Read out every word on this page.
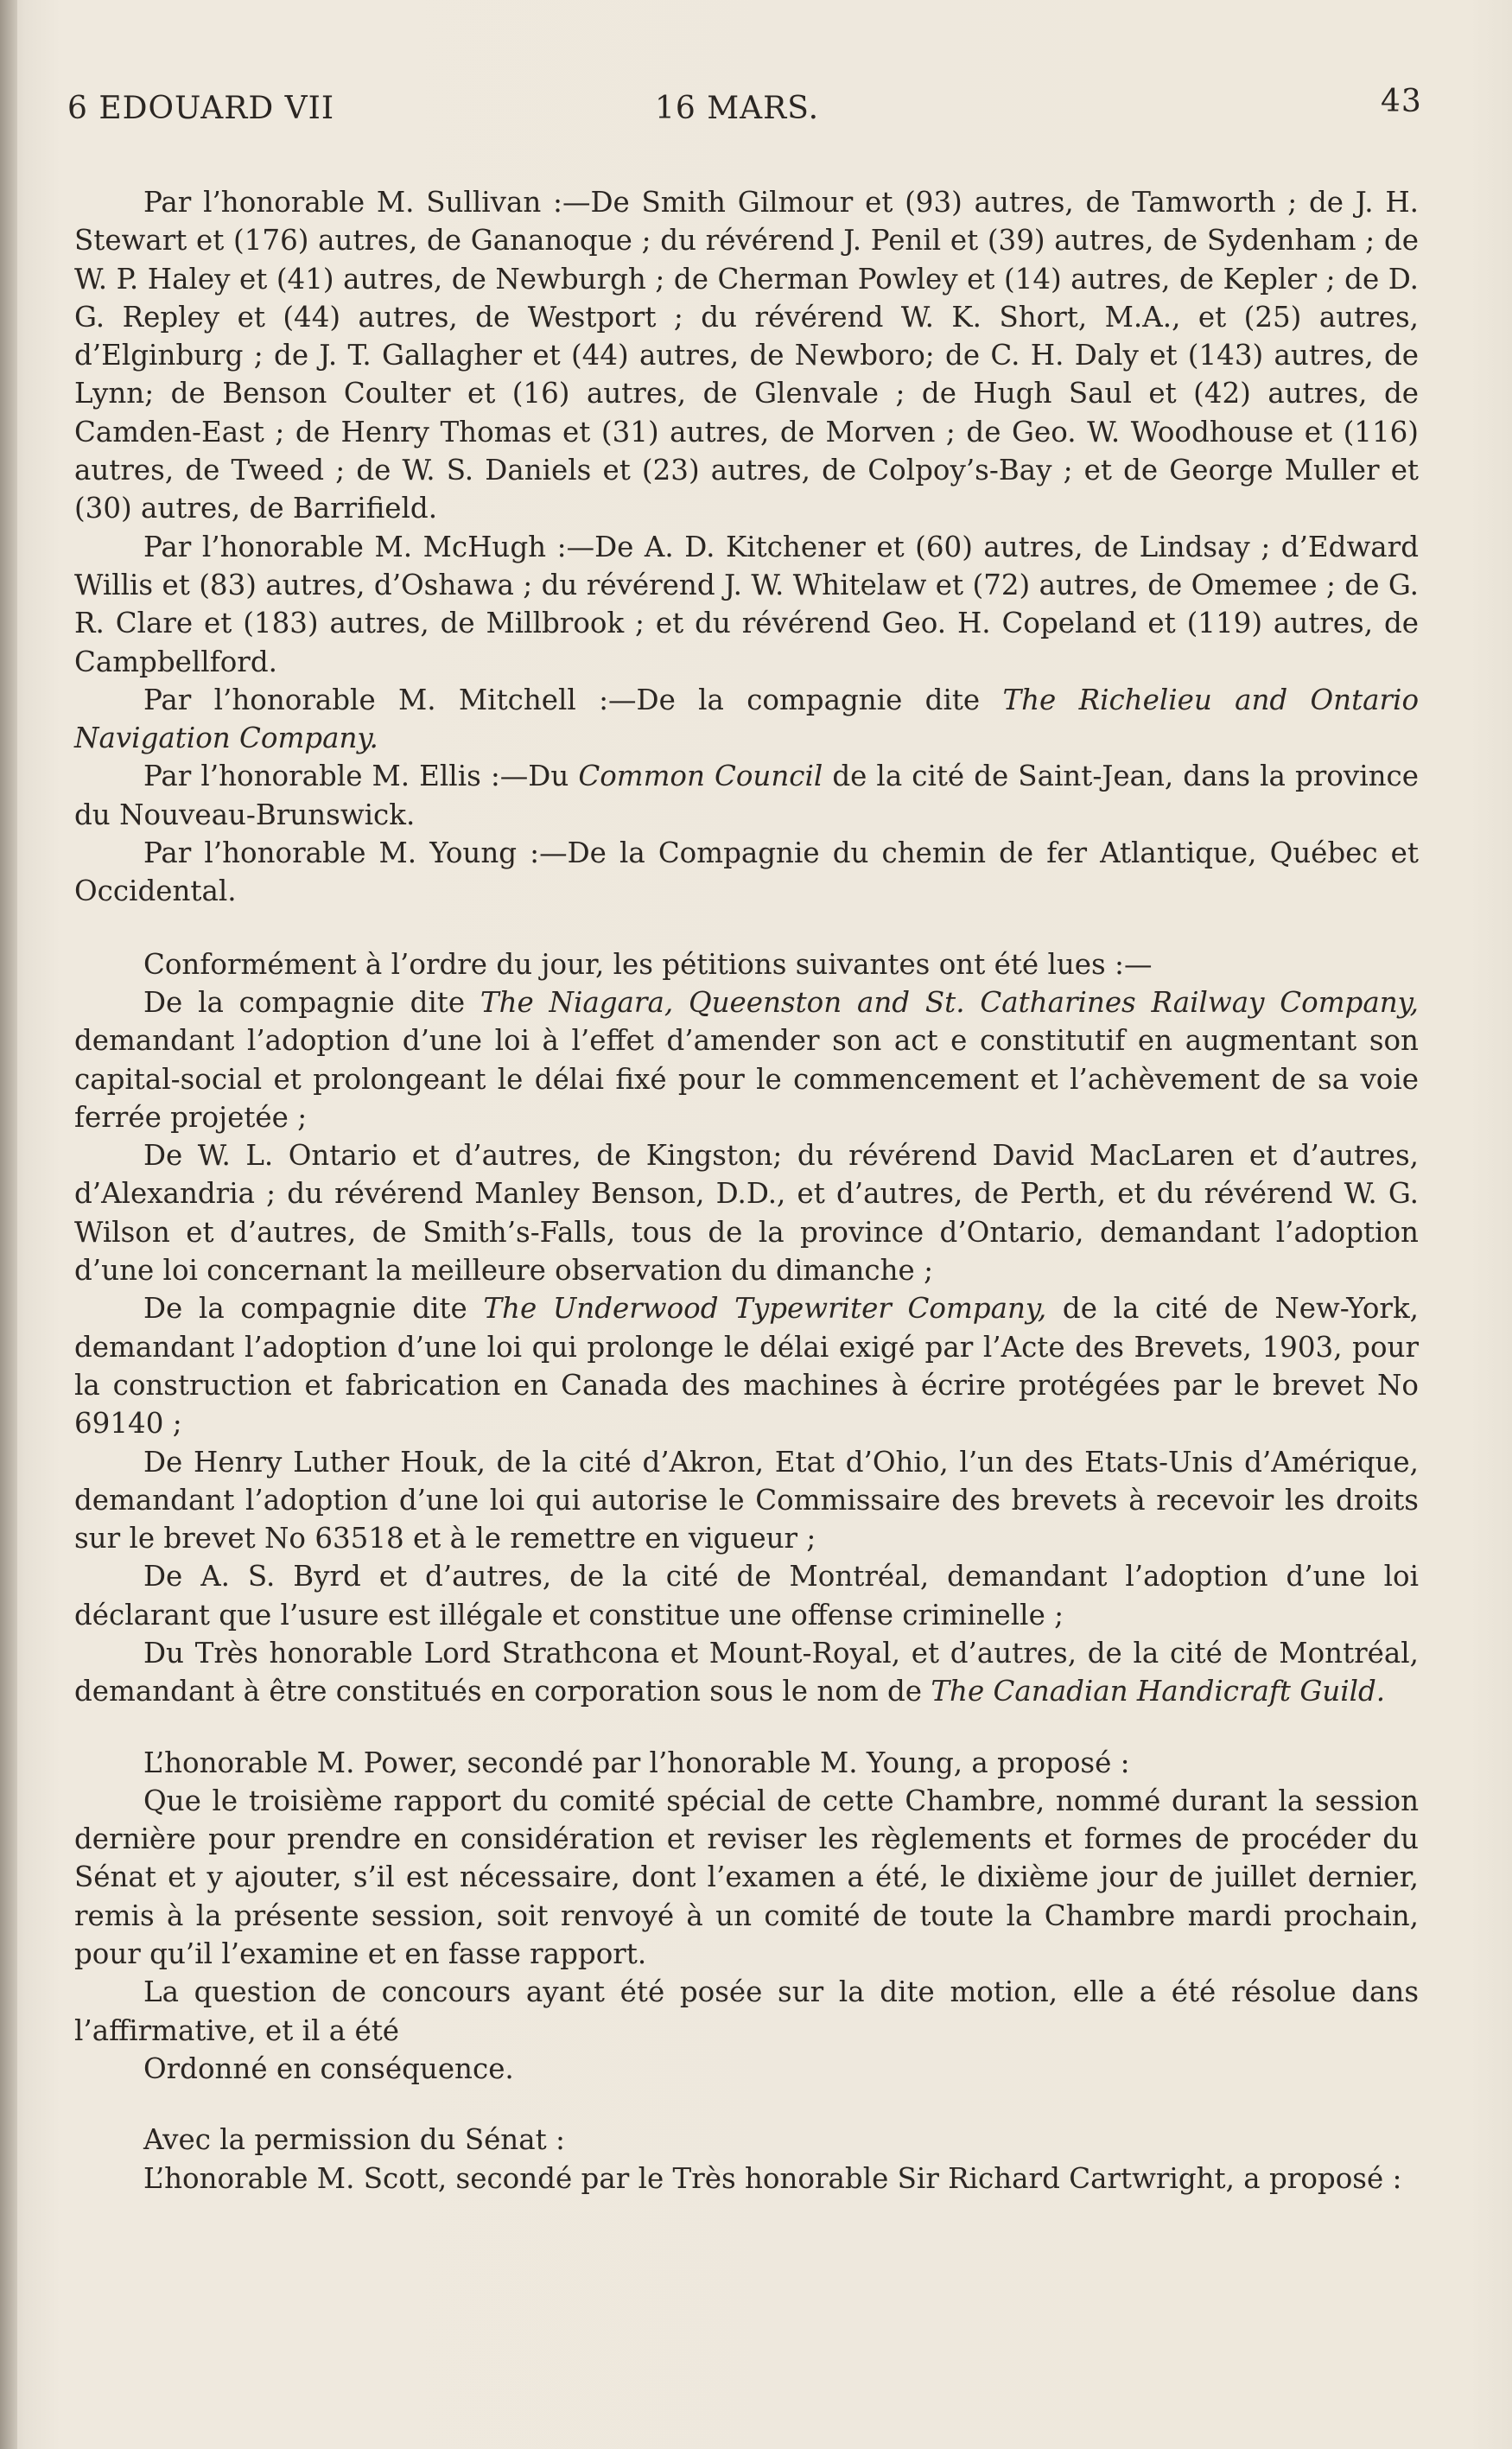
6 EDOUARD VII	16 MARS.	43

Par l’honorable M. Sullivan :—De Smith Gilmour et (93) autres, de Tamworth ; de J. H. Stewart et (176) autres, de Gananoque ; du révérend J. Penil et (39) autres, de Sydenham ; de W. P. Haley et (41) autres, de Newburgh ; de Cherman Powley et (14) autres, de Kepler ; de D. G. Repley et (44) autres, de Westport ; du révérend W. K. Short, M.A., et (25) autres, d’Elginburg ; de J. T. Gallagher et (44) autres, de Newboro; de C. H. Daly et (143) autres, de Lynn; de Benson Coulter et (16) autres, de Glenvale ; de Hugh Saul et (42) autres, de Camden-East ; de Henry Thomas et (31) autres, de Morven ; de Geo. W. Woodhouse et (116) autres, de Tweed ; de W. S. Daniels et (23) autres, de Colpoy’s-Bay ; et de George Muller et (30) autres, de Barrifield.

Par l’honorable M. McHugh :—De A. D. Kitchener et (60) autres, de Lindsay ; d’Edward Willis et (83) autres, d’Oshawa ; du révérend J. W. Whitelaw et (72) autres, de Omemee ; de G. R. Clare et (183) autres, de Millbrook ; et du révérend Geo. H. Copeland et (119) autres, de Campbellford.

Par l’honorable M. Mitchell :—De la compagnie dite The Richelieu and Ontario Navigation Company.

Par l’honorable M. Ellis :—Du Common Council de la cité de Saint-Jean, dans la province du Nouveau-Brunswick.

Par l’honorable M. Young :—De la Compagnie du chemin de fer Atlantique, Québec et Occidental.

Conformément à l’ordre du jour, les pétitions suivantes ont été lues :—

De la compagnie dite The Niagara, Queenston and St. Catharines Railway Company, demandant l’adoption d’une loi à l’effet d’amender son act e constitutif en augmentant son capital-social et prolongeant le délai fixé pour le commencement et l’achèvement de sa voie ferrée projetée ;

De W. L. Ontario et d’autres, de Kingston; du révérend David MacLaren et d’autres, d’Alexandria ; du révérend Manley Benson, D.D., et d’autres, de Perth, et du révérend W. G. Wilson et d’autres, de Smith’s-Falls, tous de la province d’Ontario, demandant l’adoption d’une loi concernant la meilleure observation du dimanche ;

De la compagnie dite The Underwood Typewriter Company, de la cité de New-York, demandant l’adoption d’une loi qui prolonge le délai exigé par l’Acte des Brevets, 1903, pour la construction et fabrication en Canada des machines à écrire protégées par le brevet No 69140 ;

De Henry Luther Houk, de la cité d’Akron, Etat d’Ohio, l’un des Etats-Unis d’Amérique, demandant l’adoption d’une loi qui autorise le Commissaire des brevets à recevoir les droits sur le brevet No 63518 et à le remettre en vigueur ;

De A. S. Byrd et d’autres, de la cité de Montréal, demandant l’adoption d’une loi déclarant que l’usure est illégale et constitue une offense criminelle ;

Du Très honorable Lord Strathcona et Mount-Royal, et d’autres, de la cité de Montréal, demandant à être constitués en corporation sous le nom de The Canadian Handicraft Guild.

L’honorable M. Power, secondé par l’honorable M. Young, a proposé :

Que le troisième rapport du comité spécial de cette Chambre, nommé durant la session dernière pour prendre en considération et reviser les règlements et formes de procéder du Sénat et y ajouter, s’il est nécessaire, dont l’examen a été, le dixième jour de juillet dernier, remis à la présente session, soit renvoyé à un comité de toute la Chambre mardi prochain, pour qu’il l’examine et en fasse rapport.

La question de concours ayant été posée sur la dite motion, elle a été résolue dans l’affirmative, et il a été

Ordonné en conséquence.

Avec la permission du Sénat :

L’honorable M. Scott, secondé par le Très honorable Sir Richard Cartwright, a proposé :
